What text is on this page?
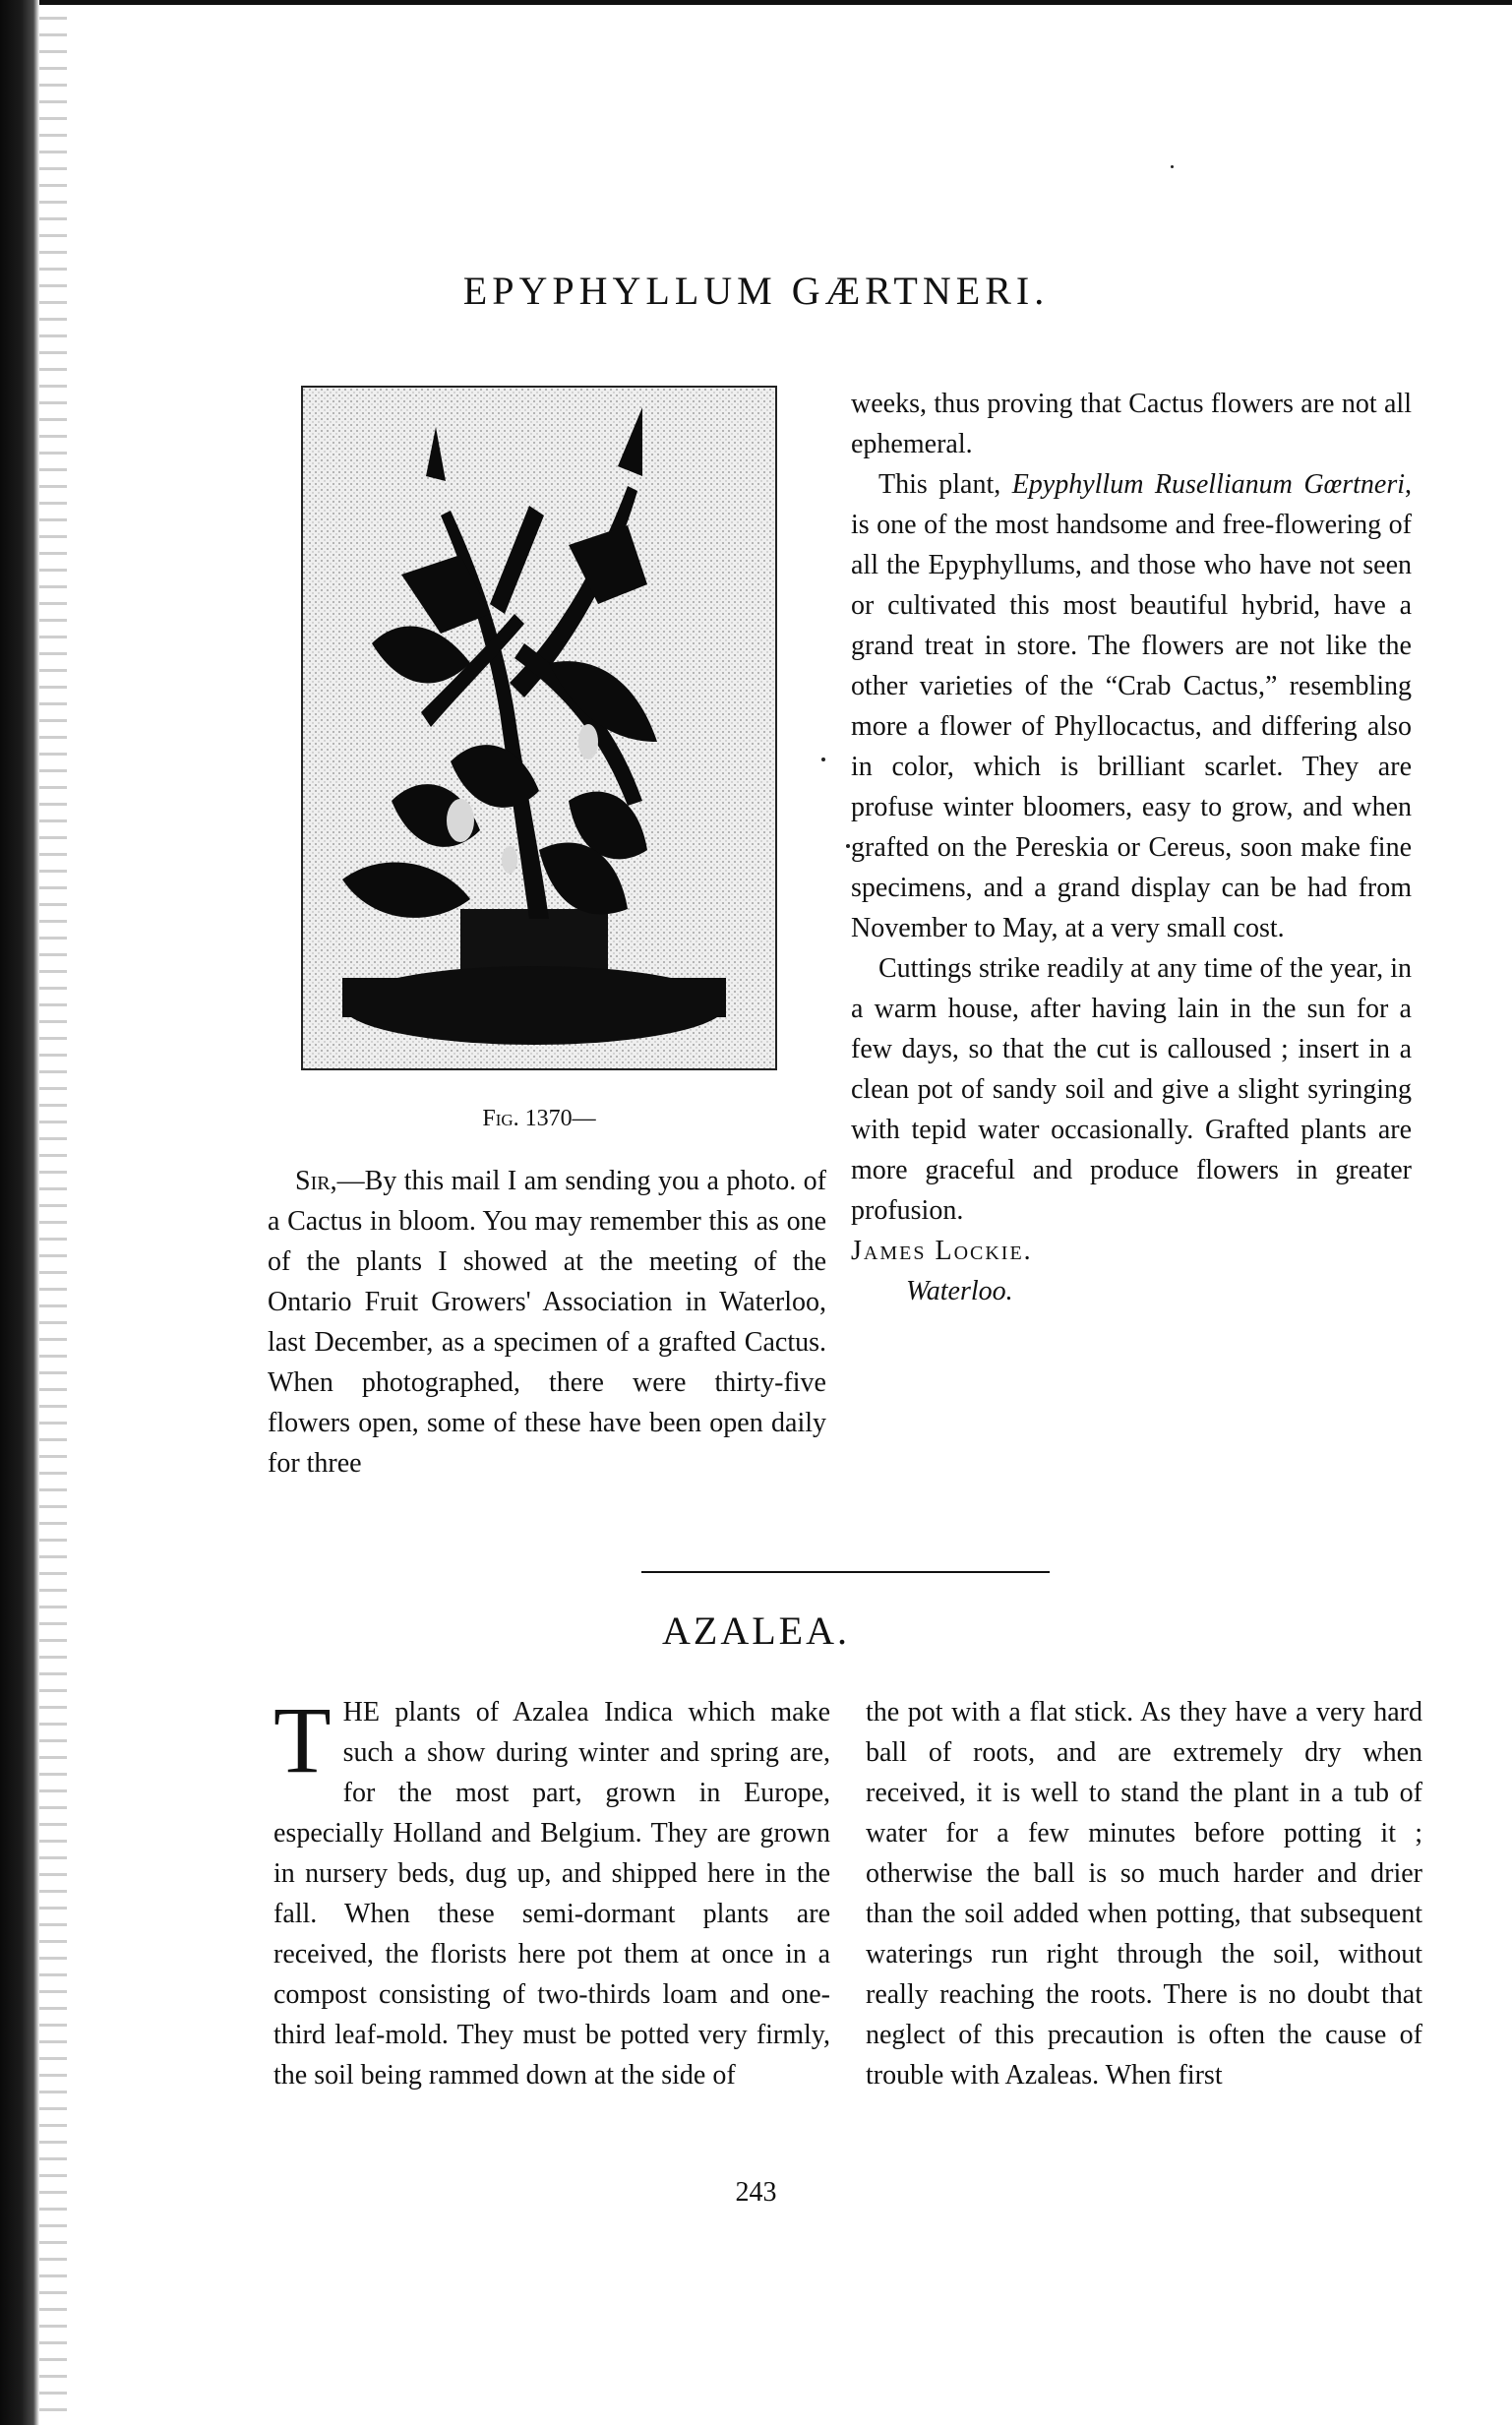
EPYPHYLLUM GÆRTNERI.

Fig. 1370—

Sir,—By this mail I am sending you a photo. of a Cactus in bloom. You may remember this as one of the plants I showed at the meeting of the Ontario Fruit Growers' Association in Waterloo, last December, as a specimen of a grafted Cactus. When photographed, there were thirty-five flowers open, some of these have been open daily for three

weeks, thus proving that Cactus flowers are not all ephemeral.

This plant, Epyphyllum Rusellianum Gœrtneri, is one of the most handsome and free-flowering of all the Epyphyllums, and those who have not seen or cultivated this most beautiful hybrid, have a grand treat in store. The flowers are not like the other varieties of the “Crab Cactus,” resembling more a flower of Phyllocactus, and differing also in color, which is brilliant scarlet. They are profuse winter bloomers, easy to grow, and when grafted on the Pereskia or Cereus, soon make fine specimens, and a grand display can be had from November to May, at a very small cost.

Cuttings strike readily at any time of the year, in a warm house, after having lain in the sun for a few days, so that the cut is calloused ; insert in a clean pot of sandy soil and give a slight syringing with tepid water occasionally. Grafted plants are more graceful and produce flowers in greater profusion.

James Lockie.

Waterloo.

AZALEA.

THE plants of Azalea Indica which make such a show during winter and spring are, for the most part, grown in Europe, especially Holland and Belgium. They are grown in nursery beds, dug up, and shipped here in the fall. When these semi-dormant plants are received, the florists here pot them at once in a compost consisting of two-thirds loam and one-third leaf-mold. They must be potted very firmly, the soil being rammed down at the side of

the pot with a flat stick. As they have a very hard ball of roots, and are extremely dry when received, it is well to stand the plant in a tub of water for a few minutes before potting it ; otherwise the ball is so much harder and drier than the soil added when potting, that subsequent waterings run right through the soil, without really reaching the roots. There is no doubt that neglect of this precaution is often the cause of trouble with Azaleas. When first

243
